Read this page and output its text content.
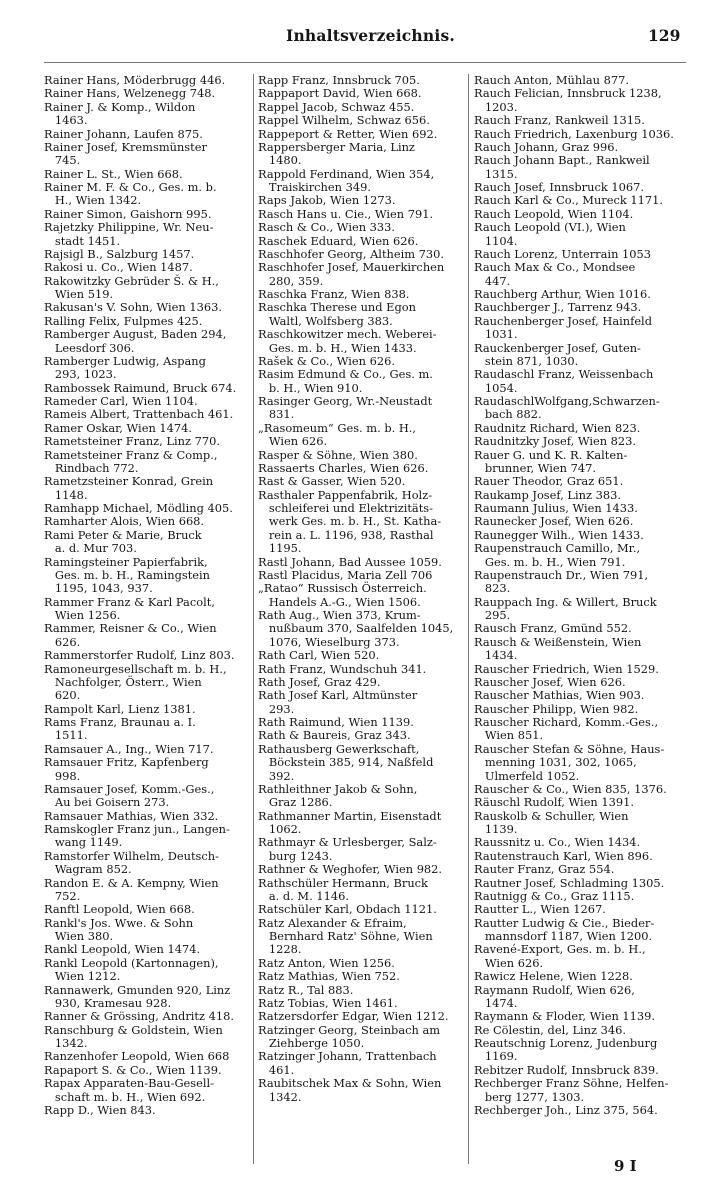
Inhaltsverzeichnis.	129
Rainer Hans, Möderbrugg 446.
Rainer Hans, Welzenegg 748.
Rainer J. & Komp., Wildon
1463.
Rainer Johann, Laufen 875.
Rainer Josef, Kremsmünster
745.
Rainer L. St., Wien 668.
Rainer M. F. & Co., Ges. m. b.
H., Wien 1342.
Rainer Simon, Gaishorn 995.
Rajetzky Philippine, Wr. Neu-
stadt 1451.
Rajsigl B., Salzburg 1457.
Rakosi u. Co., Wien 1487.
Rakowitzky Gebrüder Š. & H.,
Wien 519.
Rakusan's V. Sohn, Wien 1363.
Ralling Felix, Fulpmes 425.
Ramberger August, Baden 294,
Leesdorf 306.
Ramberger Ludwig, Aspang
293, 1023.
Rambossek Raimund, Bruck 674.
Rameder Carl, Wien 1104.
Rameis Albert, Trattenbach 461.
Ramer Oskar, Wien 1474.
Rametsteiner Franz, Linz 770.
Rametsteiner Franz & Comp.,
Rindbach 772.
Rametzsteiner Konrad, Grein
1148.
Ramhapp Michael, Mödling 405.
Ramharter Alois, Wien 668.
Rami Peter & Marie, Bruck
a. d. Mur 703.
Ramingsteiner Papierfabrik,
Ges. m. b. H., Ramingstein
1195, 1043, 937.
Rammer Franz & Karl Pacolt,
Wien 1256.
Rammer, Reisner & Co., Wien
626.
Rammerstorfer Rudolf, Linz 803.
Ramoneurgesellschaft m. b. H.,
Nachfolger, Österr., Wien
620.
Rampolt Karl, Lienz 1381.
Rams Franz, Braunau a. I.
1511.
Ramsauer A., Ing., Wien 717.
Ramsauer Fritz, Kapfenberg
998.
Ramsauer Josef, Komm.-Ges.,
Au bei Goisern 273.
Ramsauer Mathias, Wien 332.
Ramskogler Franz jun., Langen-
wang 1149.
Ramstorfer Wilhelm, Deutsch-
Wagram 852.
Randon E. & A. Kempny, Wien
752.
Ranftl Leopold, Wien 668.
Rankl's Jos. Wwe. & Sohn
Wien 380.
Rankl Leopold, Wien 1474.
Rankl Leopold (Kartonnagen),
Wien 1212.
Rannawerk, Gmunden 920, Linz
930, Kramesau 928.
Ranner & Grössing, Andritz 418.
Ranschburg & Goldstein, Wien
1342.
Ranzenhofer Leopold, Wien 668
Rapaport S. & Co., Wien 1139.
Rapax Apparaten-Bau-Gesell-
schaft m. b. H., Wien 692.
Rapp D., Wien 843.
Rapp Franz, Innsbruck 705.
Rappaport David, Wien 668.
Rappel Jacob, Schwaz 455.
Rappel Wilhelm, Schwaz 656.
Rappeport & Retter, Wien 692.
Rappersberger Maria, Linz
1480.
Rappold Ferdinand, Wien 354,
Traiskirchen 349.
Raps Jakob, Wien 1273.
Rasch Hans u. Cie., Wien 791.
Rasch & Co., Wien 333.
Raschek Eduard, Wien 626.
Raschhofer Georg, Altheim 730.
Raschhofer Josef, Mauerkirchen
280, 359.
Raschka Franz, Wien 838.
Raschka Therese und Egon
Waltl, Wolfsberg 383.
Raschkowitzer mech. Weberei-
Ges. m. b. H., Wien 1433.
Rašek & Co., Wien 626.
Rasim Edmund & Co., Ges. m.
b. H., Wien 910.
Rasinger Georg, Wr.-Neustadt
831.
„Rasomeum“ Ges. m. b. H.,
Wien 626.
Rasper & Söhne, Wien 380.
Rassaerts Charles, Wien 626.
Rast & Gasser, Wien 520.
Rasthaler Pappenfabrik, Holz-
schleiferei und Elektrizitäts-
werk Ges. m. b. H., St. Katha-
rein a. L. 1196, 938, Rasthal
1195.
Rastl Johann, Bad Aussee 1059.
Rastl Placidus, Maria Zell 706
„Ratao“ Russisch Österreich.
Handels A.-G., Wien 1506.
Rath Aug., Wien 373, Krum-
nußbaum 370, Saalfelden 1045,
1076, Wieselburg 373.
Rath Carl, Wien 520.
Rath Franz, Wundschuh 341.
Rath Josef, Graz 429.
Rath Josef Karl, Altmünster
293.
Rath Raimund, Wien 1139.
Rath & Baureis, Graz 343.
Rathausberg Gewerkschaft,
Böckstein 385, 914, Naßfeld
392.
Rathleithner Jakob & Sohn,
Graz 1286.
Rathmanner Martin, Eisenstadt
1062.
Rathmayr & Urlesberger, Salz-
burg 1243.
Rathner & Weghofer, Wien 982.
Rathschüler Hermann, Bruck
a. d. M. 1146.
Ratschüler Karl, Obdach 1121.
Ratz Alexander & Efraim,
Bernhard Ratz' Söhne, Wien
1228.
Ratz Anton, Wien 1256.
Ratz Mathias, Wien 752.
Ratz R., Tal 883.
Ratz Tobias, Wien 1461.
Ratzersdorfer Edgar, Wien 1212.
Ratzinger Georg, Steinbach am
Ziehberge 1050.
Ratzinger Johann, Trattenbach
461.
Raubitschek Max & Sohn, Wien
1342.
Rauch Anton, Mühlau 877.
Rauch Felician, Innsbruck 1238,
1203.
Rauch Franz, Rankweil 1315.
Rauch Friedrich, Laxenburg 1036.
Rauch Johann, Graz 996.
Rauch Johann Bapt., Rankweil
1315.
Rauch Josef, Innsbruck 1067.
Rauch Karl & Co., Mureck 1171.
Rauch Leopold, Wien 1104.
Rauch Leopold (VI.), Wien
1104.
Rauch Lorenz, Unterrain 1053
Rauch Max & Co., Mondsee
447.
Rauchberg Arthur, Wien 1016.
Rauchberger J., Tarrenz 943.
Rauchenberger Josef, Hainfeld
1031.
Rauckenberger Josef, Guten-
stein 871, 1030.
Raudaschl Franz, Weissenbach
1054.
RaudaschlWolfgang,Schwarzen-
bach 882.
Raudnitz Richard, Wien 823.
Raudnitzky Josef, Wien 823.
Rauer G. und K. R. Kalten-
brunner, Wien 747.
Rauer Theodor, Graz 651.
Raukamp Josef, Linz 383.
Raumann Julius, Wien 1433.
Raunecker Josef, Wien 626.
Raunegger Wilh., Wien 1433.
Raupenstrauch Camillo, Mr.,
Ges. m. b. H., Wien 791.
Raupenstrauch Dr., Wien 791,
823.
Rauppach Ing. & Willert, Bruck
295.
Rausch Franz, Gmünd 552.
Rausch & Weißenstein, Wien
1434.
Rauscher Friedrich, Wien 1529.
Rauscher Josef, Wien 626.
Rauscher Mathias, Wien 903.
Rauscher Philipp, Wien 982.
Rauscher Richard, Komm.-Ges.,
Wien 851.
Rauscher Stefan & Söhne, Haus-
menning 1031, 302, 1065,
Ulmerfeld 1052.
Rauscher & Co., Wien 835, 1376.
Räuschl Rudolf, Wien 1391.
Rauskolb & Schuller, Wien
1139.
Raussnitz u. Co., Wien 1434.
Rautenstrauch Karl, Wien 896.
Rauter Franz, Graz 554.
Rautner Josef, Schladming 1305.
Rautnigg & Co., Graz 1115.
Rautter L., Wien 1267.
Rautter Ludwig & Cie., Bieder-
mannsdorf 1187, Wien 1200.
Ravené-Export, Ges. m. b. H.,
Wien 626.
Rawicz Helene, Wien 1228.
Raymann Rudolf, Wien 626,
1474.
Raymann & Floder, Wien 1139.
Re Cölestin, del, Linz 346.
Reautschnig Lorenz, Judenburg
1169.
Rebitzer Rudolf, Innsbruck 839.
Rechberger Franz Söhne, Helfen-
berg 1277, 1303.
Rechberger Joh., Linz 375, 564.
9 I
